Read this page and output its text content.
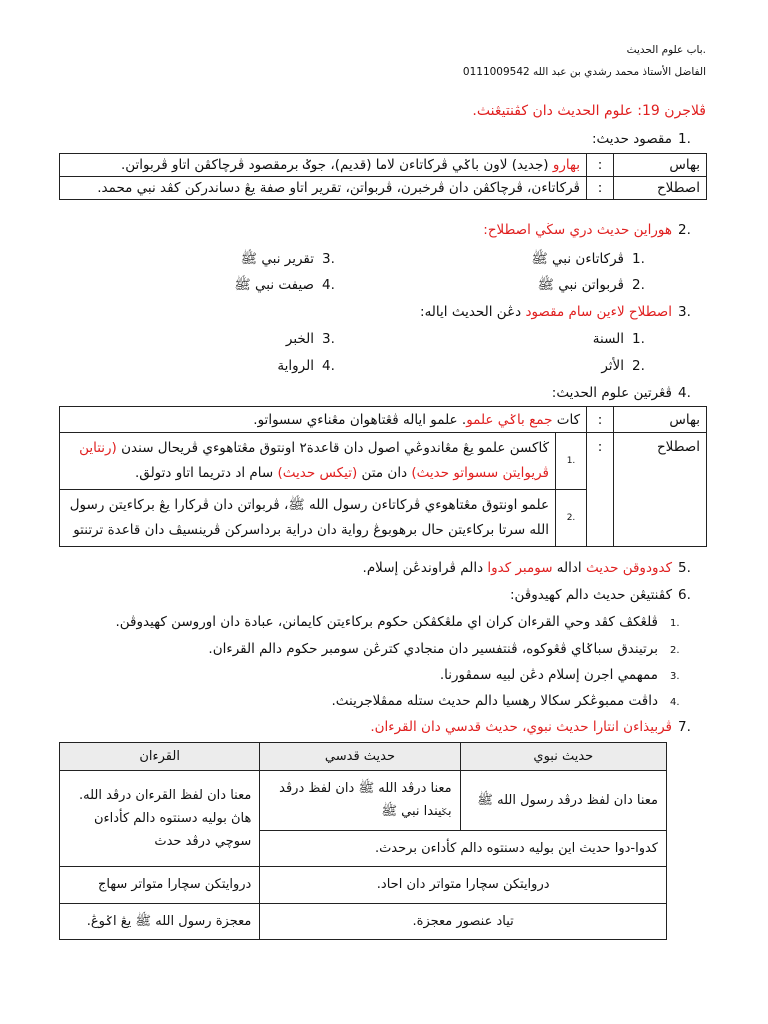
باب علوم الحديث.
الفاضل الأستاذ محمد رشدي بن عبد الله 0111009542
ڤلاجرن 19: علوم الحديث دان کڤنتيڠنث.
1.مقصود حديث:
بهاس	:	بهارو (جديد) لاون باݢي ڤرکاتاءن لاما (قديم)، جوݢ برمقصود ڤرچاکڤن اتاو ڤربواتن.
اصطلاح	:	ڤرکاتاءن، ڤرچاکڤن دان ڤرخبرن، ڤربواتن، تقرير اتاو صفة يڠ دساندرکن کڤد نبي محمد.
2.هوراين حديث دري سڬي اصطلاح:
1.ڤرکاتاءن نبي ﷺ
2.ڤربواتن نبي ﷺ
3.تقرير نبي ﷺ
4.صيفت نبي ﷺ
3.اصطلاح لاءين سام مقصود دڠن الحديث اياله:
1.السنة
2.الأثر
3.الخبر
4.الرواية
4.ڤڠرتين علوم الحديث:
بهاس	:	کات جمع باݢي علمو. علمو اياله ڤڠتاهوان مڠناءي سسواتو.	
اصطلاح	:	1.	ڬاکسن علمو يڠ مڠاندوڠي اصول دان قاعدة٢ اونتوق مڠتاهوءي ڤريحال سندن (رنتاين ڤريوايتن سسواتو حديث) دان متن (تيکس حديث) سام اد دتريما اتاو دتولق.
		2.	علمو اونتوق مڠتاهوءي ڤرکاتاءن رسول الله ﷺ، ڤربواتن دان ڤرکارا يڠ برکاءيتن رسول الله سرتا برکاءيتن حال برهوبوڠ رواية دان دراية برداسرکن ڤرينسيڤ دان قاعدة ترتنتو
5.کدودوقن حديث اداله سومبر کدوا دالم ڤراوندڠن إسلام.
6.کڤنتيڠن حديث دالم کهيدوڤن:
1.ڤلڠکڤ کڤد وحي القرءان کران اي ملڠکڤکن حکوم برکاءيتن کايمانن، عبادة دان اوروسن کهيدوڤن.
2.برتيندق سباݢاي ڤڠوکوه، ڤنتفسير دان منجادي کترڠن سومبر حکوم دالم القرءان.
3.ممهمي اجرن إسلام دڠن لبيه سمڤورنا.
4.داڤت ممبوڠکر سکالا رهسيا دالم حديث ستله ممڤلاجرينث.
7.ڤربيذاءن انتارا حديث نبوي، حديث قدسي دان القرءان.
حديث نبوي	حديث قدسي	القرءان
معنا دان لفظ درڤد رسول الله ﷺ	معنا درڤد الله ﷺ دان لفظ درڤد بݢيندا نبي ﷺ	معنا دان لفظ القرءان درڤد الله. هاڽ بوليه دسنتوه دالم کأداءن سوچي درڤد حدث
کدوا-دوا حديث اين بوليه دسنتوه دالم کأداءن برحدث.		
دروايتکن سچارا متواتر دان احاد.		دروايتکن سچارا متواتر سهاج
تياد عنصور معجزة.		معجزة رسول الله ﷺ يڠ اݢوڠ.
